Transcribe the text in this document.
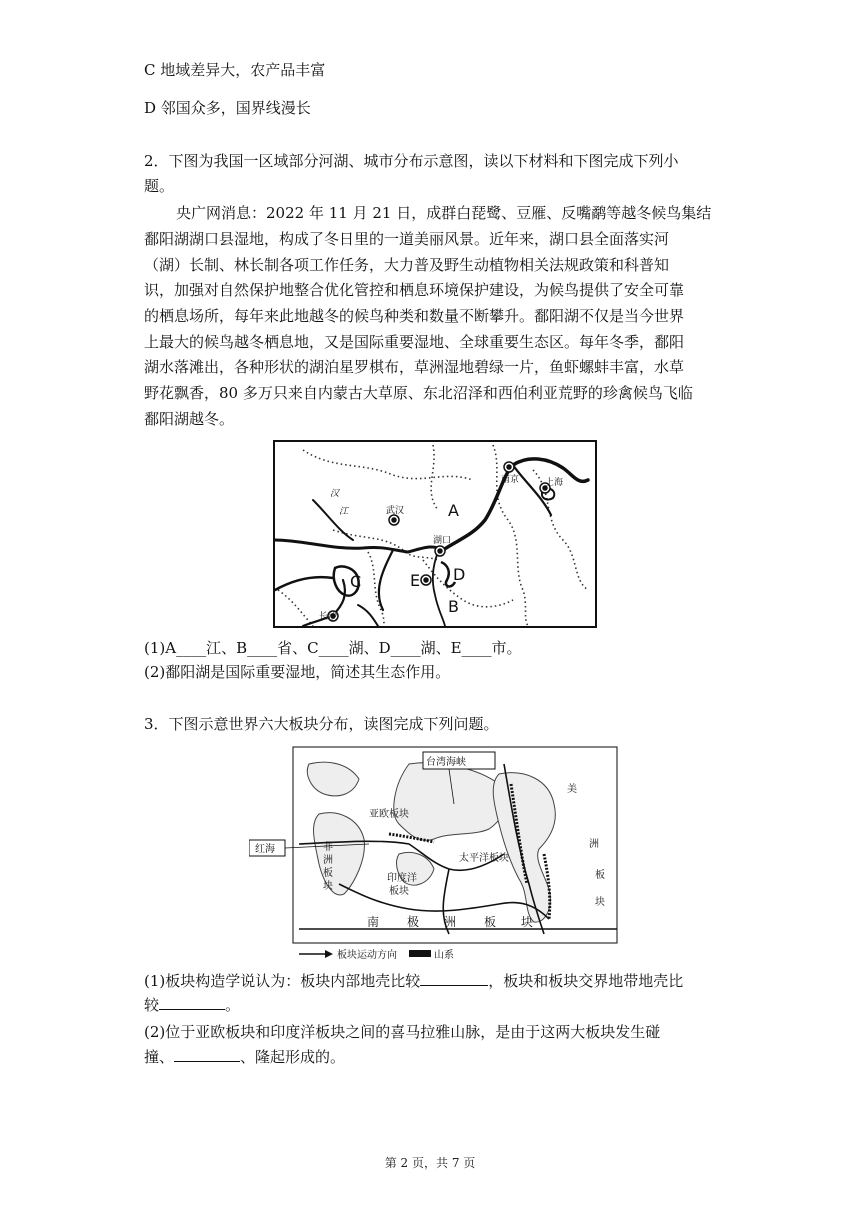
C 地域差异大，农产品丰富
D 邻国众多，国界线漫长
2．下图为我国一区域部分河湖、城市分布示意图，读以下材料和下图完成下列小
题。
央广网消息：2022 年 11 月 21 日，成群白琵鹭、豆雁、反嘴鹬等越冬候鸟集结
鄱阳湖湖口县湿地，构成了冬日里的一道美丽风景。近年来，湖口县全面落实河
（湖）长制、林长制各项工作任务，大力普及野生动植物相关法规政策和科普知
识，加强对自然保护地整合优化管控和栖息环境保护建设，为候鸟提供了安全可靠
的栖息场所，每年来此地越冬的候鸟种类和数量不断攀升。鄱阳湖不仅是当今世界
上最大的候鸟越冬栖息地，又是国际重要湿地、全球重要生态区。每年冬季，鄱阳
湖水落滩出，各种形状的湖泊星罗棋布，草洲湿地碧绿一片，鱼虾螺蚌丰富，水草
野花飘香，80 多万只来自内蒙古大草原、东北沼泽和西伯利亚荒野的珍禽候鸟飞临
鄱阳湖越冬。
南京	上海
武汉
湖口
长沙
汉
江	A
B
C	D
E
(1)A____江、B____省、C____湖、D____湖、E____市。
(2)鄱阳湖是国际重要湿地，简述其生态作用。
3．下图示意世界六大板块分布，读图完成下列问题。
台湾海峡
红海
亚欧板块
太平洋板块
印度洋
板块
非
洲
板
块
美
洲
板
块
南 极 洲 板 块
板块运动方向	山系
(1)板块构造学说认为：板块内部地壳比较	，板块和板块交界地带地壳比
较	。
(2)位于亚欧板块和印度洋板块之间的喜马拉雅山脉，是由于这两大板块发生碰
撞、	、隆起形成的。
第 2 页，共 7 页
